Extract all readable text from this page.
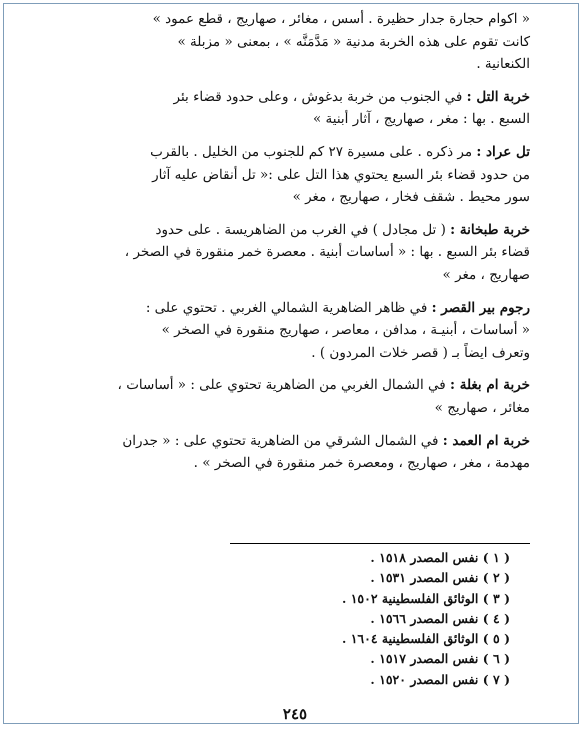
« اكوام حجارة جدار حظيرة . أسس ، مغائر ، صهاريج ، قطع عمود »

كانت تقوم على هذه الخربة مدنية « مَدَّمَنَّه » ، بمعنى « مزبلة »

الكنعانية .

خربة التل : في الجنوب من خربة بدغوش ، وعلى حدود قضاء بئر

السبع . بها : مغر ، صهاريج ، آثار أبنية »

تل عراد : مر ذكره . على مسيرة ٢٧ كم للجنوب من الخليل . بالقرب

من حدود قضاء بئر السبع يحتوي هذا التل على :« تل أنقاض عليه آثار

سور محيط . شقف فخار ، صهاريج ، مغر »

خربة طبخانة : ( تل مجادل ) في الغرب من الضاهريسة . على حدود

قضاء بئر السبع . بها : « أساسات أبنية . معصرة خمر منقورة في الصخر ،

صهاريج ، مغر »

رجوم بير القصر : في ظاهر الضاهرية الشمالي الغربي . تحتوي على :

« أساسات ، أبنيـة ، مدافن ، معاصر ، صهاريج منقورة في الصخر »

وتعرف ايضاً بـ ( قصر خلات المردون ) .

خربة ام بغلة : في الشمال الغربي من الضاهرية تحتوي على : « أساسات ،

مغائر ، صهاريج »

خربة ام العمد : في الشمال الشرقي من الضاهرية تحتوي على : « جدران

مهدمة ، مغر ، صهاريج ، ومعصرة خمر منقورة في الصخر » .

( ١ ) نفس المصدر ١٥١٨ .
( ٢ ) نفس المصدر ١٥٣١ .
( ٣ ) الوثائق الفلسطينية ١٥٠٢ .
( ٤ ) نفس المصدر ١٥٦٦ .
( ٥ ) الوثائق الفلسطينية ١٦٠٤ .
( ٦ ) نفس المصدر ١٥١٧ .
( ٧ ) نفس المصدر ١٥٢٠ .
٢٤٥
